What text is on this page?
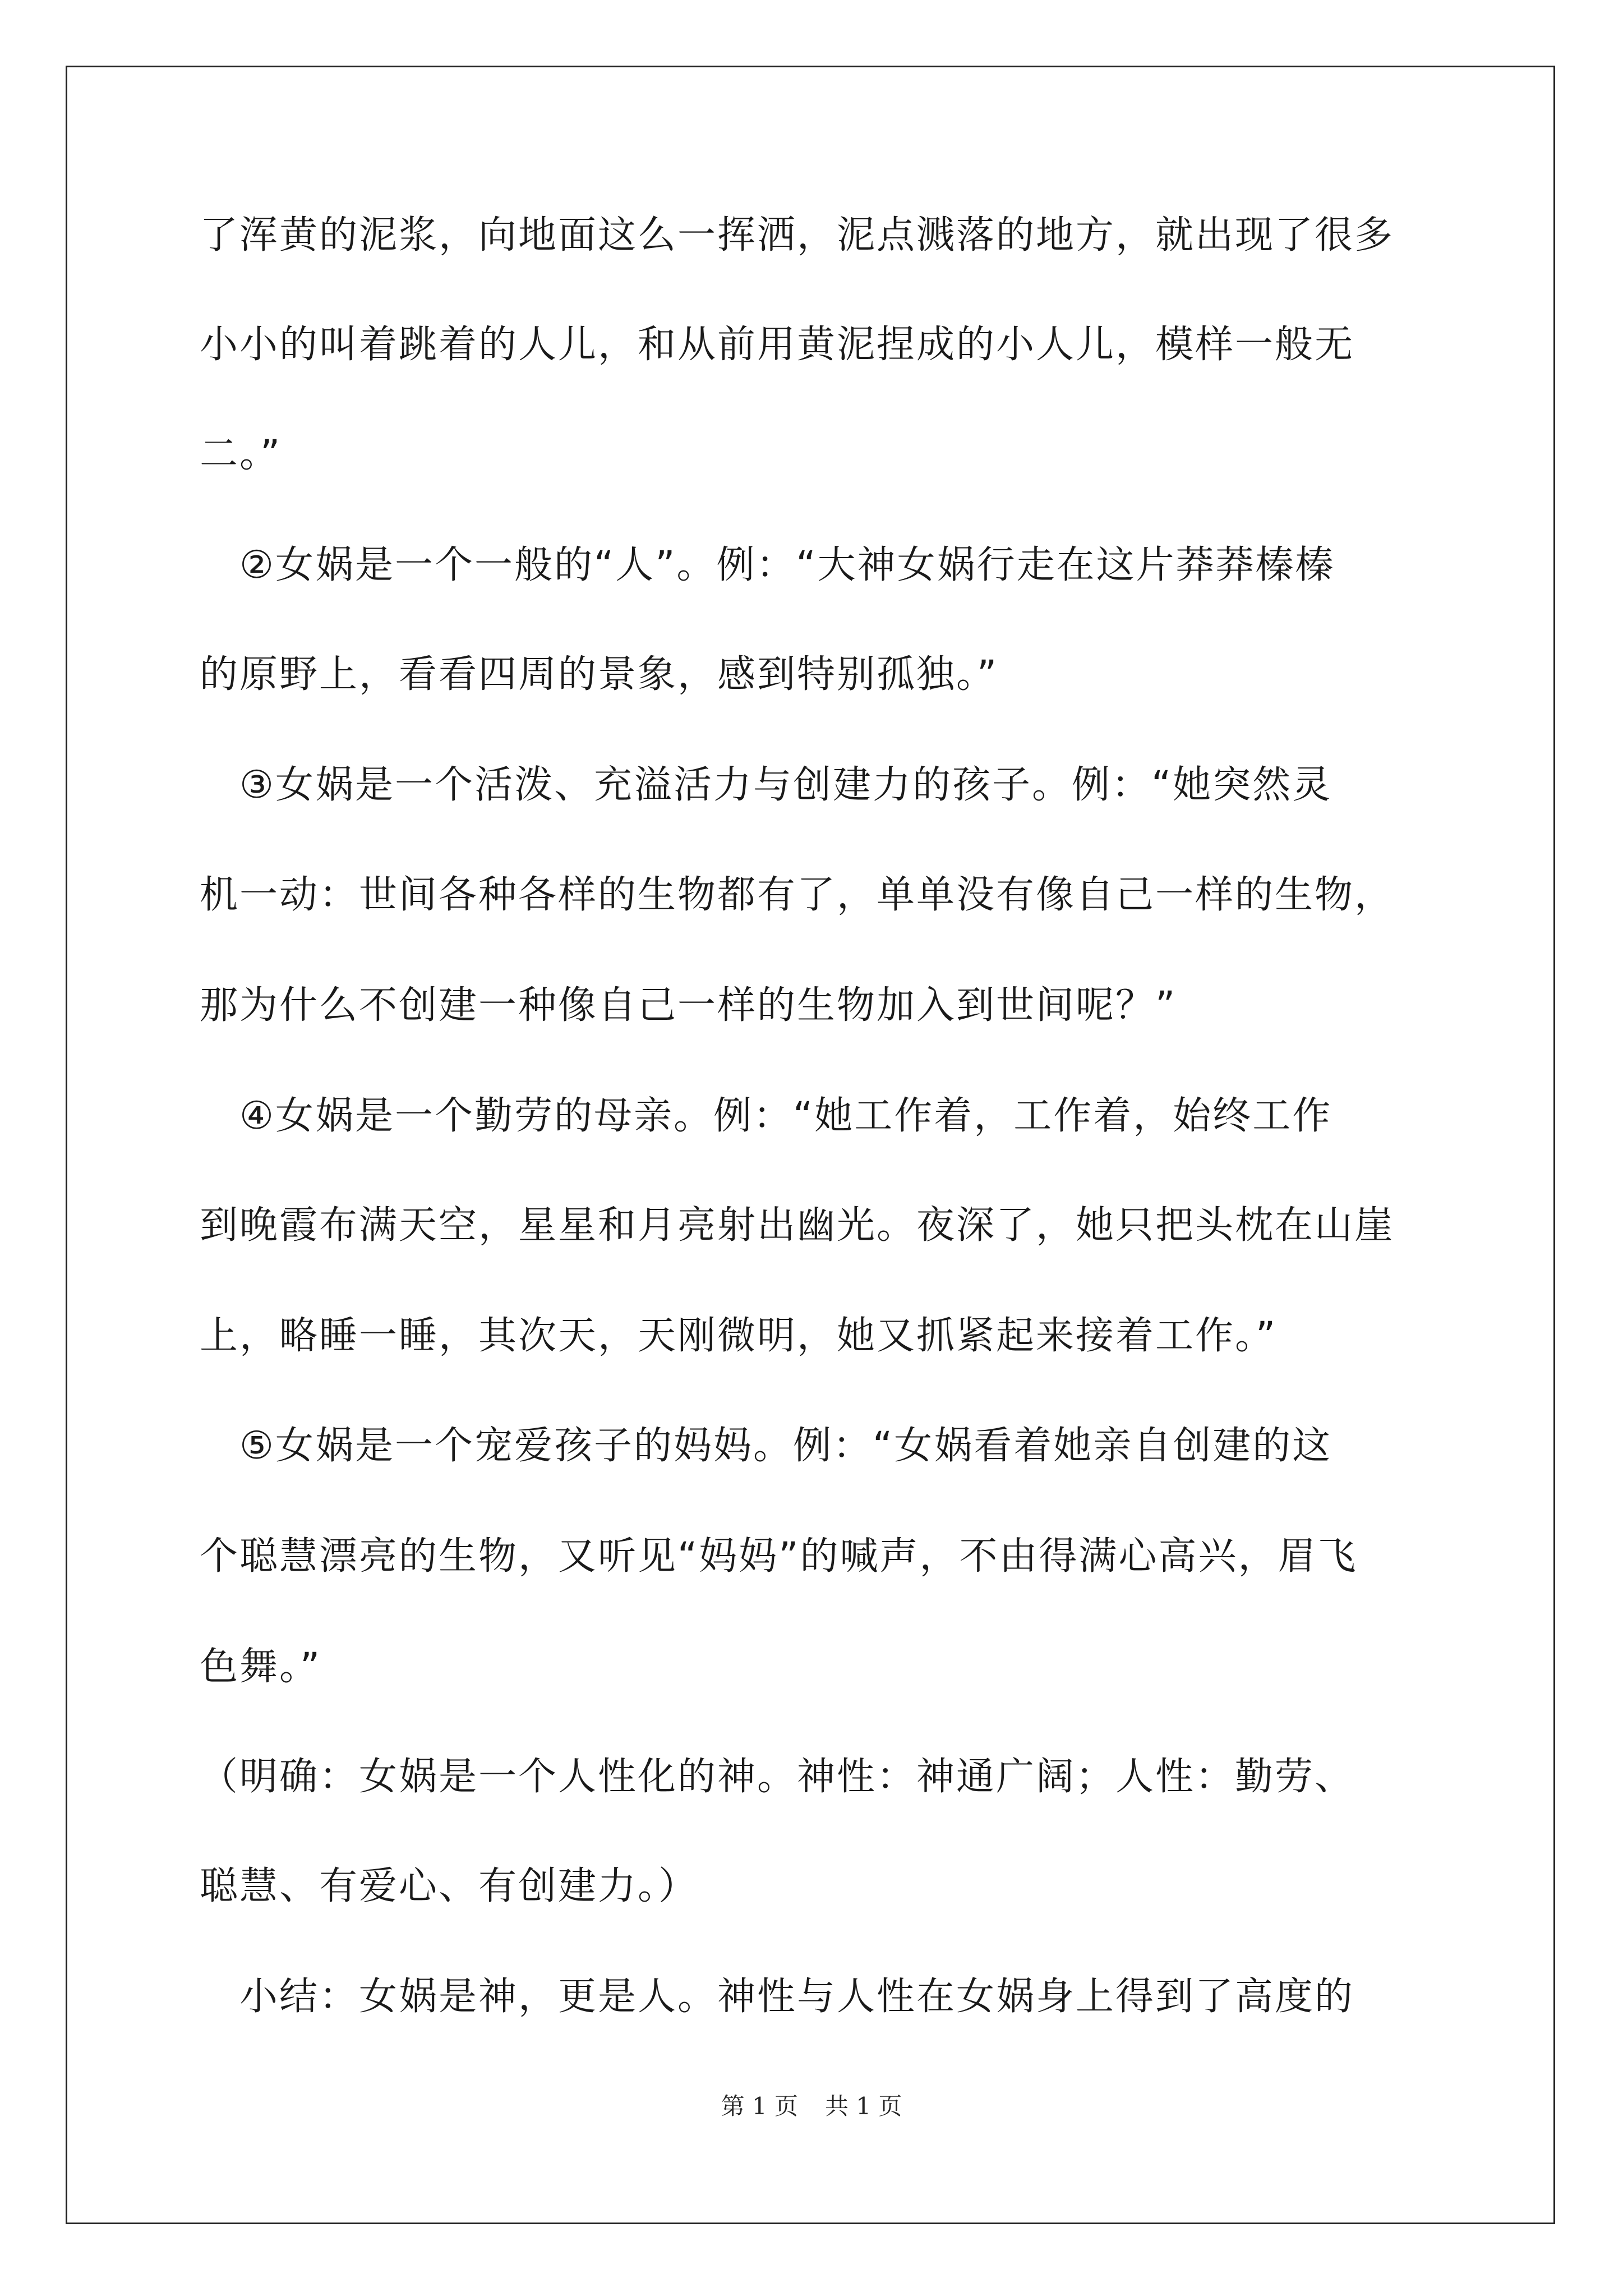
了浑黄的泥浆，向地面这么一挥洒，泥点溅落的地方，就出现了很多
小小的叫着跳着的人儿，和从前用黄泥捏成的小人儿，模样一般无
二。”
　②女娲是一个一般的“人”。例：“大神女娲行走在这片莽莽榛榛
的原野上，看看四周的景象，感到特别孤独。”
　③女娲是一个活泼、充溢活力与创建力的孩子。例：“她突然灵
机一动：世间各种各样的生物都有了，单单没有像自己一样的生物，
那为什么不创建一种像自己一样的生物加入到世间呢？”
　④女娲是一个勤劳的母亲。例：“她工作着，工作着，始终工作
到晚霞布满天空，星星和月亮射出幽光。夜深了，她只把头枕在山崖
上，略睡一睡，其次天，天刚微明，她又抓紧起来接着工作。”
　⑤女娲是一个宠爱孩子的妈妈。例：“女娲看着她亲自创建的这
个聪慧漂亮的生物，又听见“妈妈”的喊声，不由得满心高兴，眉飞
色舞。”
（明确：女娲是一个人性化的神。神性：神通广阔；人性：勤劳、
聪慧、有爱心、有创建力。）
　小结：女娲是神，更是人。神性与人性在女娲身上得到了高度的
第 1 页 共 1 页
